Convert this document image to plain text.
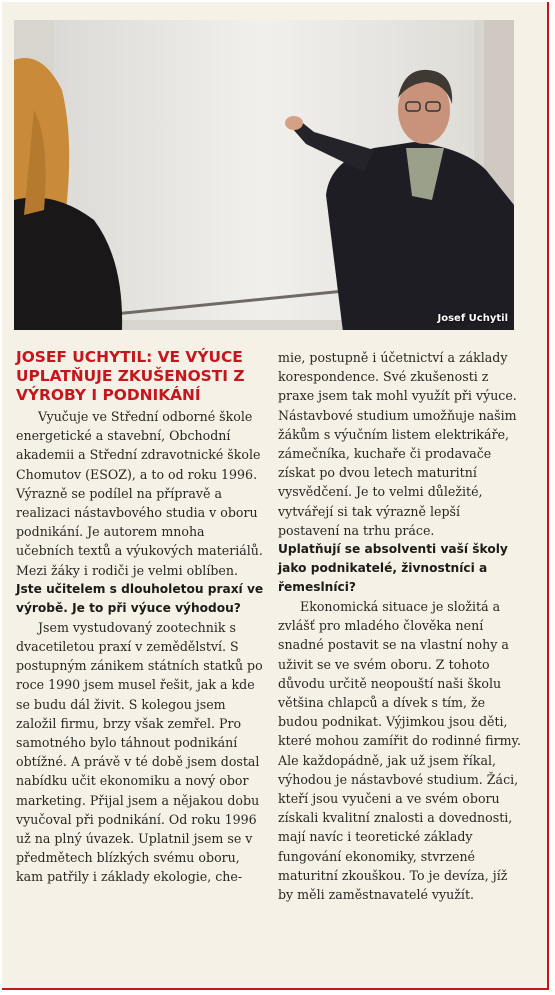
Josef Uchytil
JOSEF UCHYTIL: VE VÝUCE UPLATŇUJE ZKUŠENOSTI Z VÝROBY I PODNIKÁNÍ

Vyučuje ve Střední odborné škole energetické a stavební, Obchodní akademii a Střední zdravotnické škole Chomutov (ESOZ), a to od roku 1996. Výrazně se podílel na přípravě a realizaci nástavbového studia v oboru podnikání. Je autorem mnoha učebních textů a výukových materiálů. Mezi žáky i rodiči je velmi oblíben.

Jste učitelem s dlouholetou praxí ve výrobě. Je to při výuce výhodou?

Jsem vystudovaný zootechnik s dvacetiletou praxí v zemědělství. S postupným zánikem státních statků po roce 1990 jsem musel řešit, jak a kde se budu dál živit. S kolegou jsem založil firmu, brzy však zemřel. Pro samotného bylo táhnout podnikání obtížné. A právě v té době jsem dostal nabídku učit ekonomiku a nový obor marketing. Přijal jsem a nějakou dobu vyučoval při podnikání. Od roku 1996 už na plný úvazek. Uplatnil jsem se v předmětech blízkých svému oboru, kam patřily i základy ekologie, che-

mie, postupně i účetnictví a základy korespondence. Své zkušenosti z praxe jsem tak mohl využít při výuce. Nástavbové studium umožňuje našim žákům s výučním listem elektrikáře, zámečníka, kuchaře či prodavače získat po dvou letech maturitní vysvědčení. Je to velmi důležité, vytvářejí si tak výrazně lepší postavení na trhu práce.

Uplatňují se absolventi vaší školy jako podnikatelé, živnostníci a řemeslníci?

Ekonomická situace je složitá a zvlášť pro mladého člověka není snadné postavit se na vlastní nohy a uživit se ve svém oboru. Z tohoto důvodu určitě neopouští naši školu většina chlapců a dívek s tím, že budou podnikat. Výjimkou jsou děti, které mohou zamířit do rodinné firmy. Ale každopádně, jak už jsem říkal, výhodou je nástavbové studium. Žáci, kteří jsou vyučeni a ve svém oboru získali kvalitní znalosti a dovednosti, mají navíc i teoretické základy fungování ekonomiky, stvrzené maturitní zkouškou. To je devíza, jíž by měli zaměstnavatelé využít.
